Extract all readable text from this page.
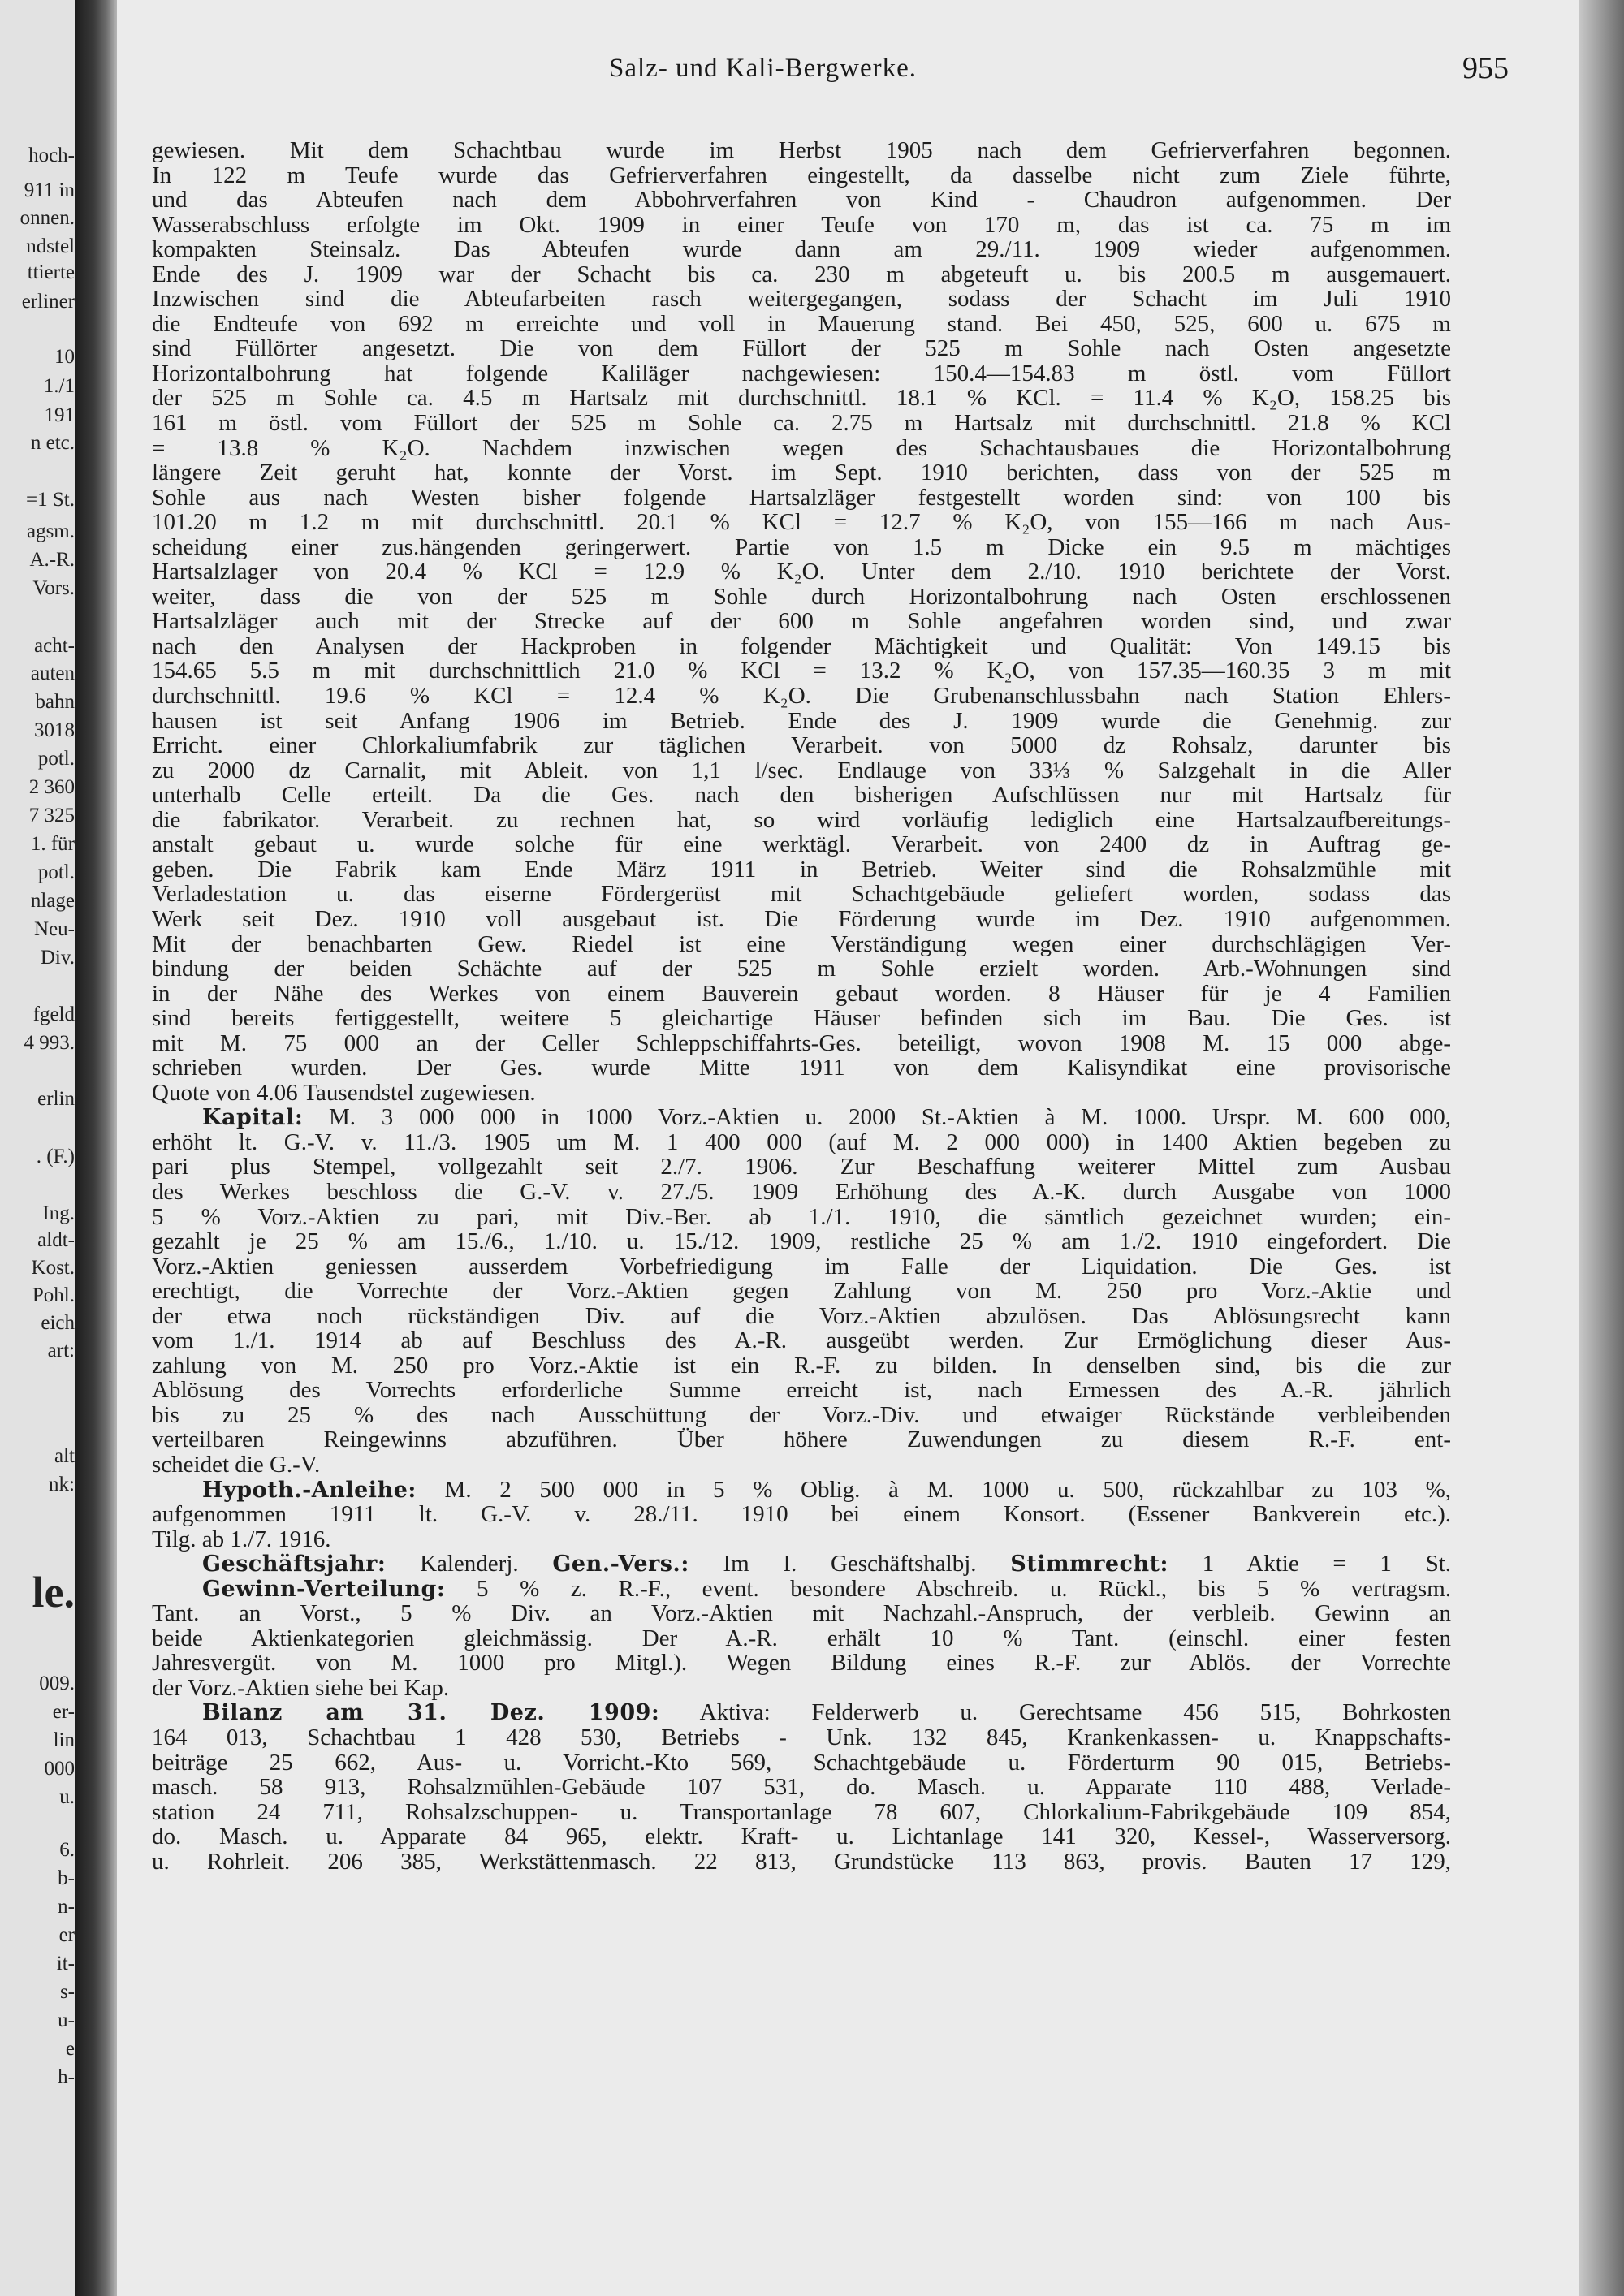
hoch-
911 in
onnen.
ndstel
ttierte
erliner
10
1./1
191
n etc.
=1 St.
agsm.
A.-R.
Vors.
acht-
auten
bahn
3018
potl.
2 360
7 325
1. für
potl.
nlage
Neu-
Div.
fgeld
4 993.
erlin
. (F.)
Ing.
aldt-
Kost.
Pohl.
eich
art:
alt
nk:
le.
009.
er-
lin
000
u.
6.
b-
n-
er
it-
s-
u-
e
h-
Salz- und Kali-Bergwerke.	955
gewiesen. Mit dem Schachtbau wurde im Herbst 1905 nach dem Gefrierverfahren begonnen.
In 122 m Teufe wurde das Gefrierverfahren eingestellt, da dasselbe nicht zum Ziele führte,
und das Abteufen nach dem Abbohrverfahren von Kind - Chaudron aufgenommen. Der
Wasserabschluss erfolgte im Okt. 1909 in einer Teufe von 170 m, das ist ca. 75 m im
kompakten Steinsalz. Das Abteufen wurde dann am 29./11. 1909 wieder aufgenommen.
Ende des J. 1909 war der Schacht bis ca. 230 m abgeteuft u. bis 200.5 m ausgemauert.
Inzwischen sind die Abteufarbeiten rasch weitergegangen, sodass der Schacht im Juli 1910
die Endteufe von 692 m erreichte und voll in Mauerung stand. Bei 450, 525, 600 u. 675 m
sind Füllörter angesetzt. Die von dem Füllort der 525 m Sohle nach Osten angesetzte
Horizontalbohrung hat folgende Kaliläger nachgewiesen: 150.4—154.83 m östl. vom Füllort
der 525 m Sohle ca. 4.5 m Hartsalz mit durchschnittl. 18.1 % KCl. = 11.4 % K₂O, 158.25 bis
161 m östl. vom Füllort der 525 m Sohle ca. 2.75 m Hartsalz mit durchschnittl. 21.8 % KCl
= 13.8 % K₂O. Nachdem inzwischen wegen des Schachtausbaues die Horizontalbohrung
längere Zeit geruht hat, konnte der Vorst. im Sept. 1910 berichten, dass von der 525 m
Sohle aus nach Westen bisher folgende Hartsalzläger festgestellt worden sind: von 100 bis
101.20 m 1.2 m mit durchschnittl. 20.1 % KCl = 12.7 % K₂O, von 155—166 m nach Aus-
scheidung einer zus.hängenden geringerwert. Partie von 1.5 m Dicke ein 9.5 m mächtiges
Hartsalzlager von 20.4 % KCl = 12.9 % K₂O. Unter dem 2./10. 1910 berichtete der Vorst.
weiter, dass die von der 525 m Sohle durch Horizontalbohrung nach Osten erschlossenen
Hartsalzläger auch mit der Strecke auf der 600 m Sohle angefahren worden sind, und zwar
nach den Analysen der Hackproben in folgender Mächtigkeit und Qualität: Von 149.15 bis
154.65 5.5 m mit durchschnittlich 21.0 % KCl = 13.2 % K₂O, von 157.35—160.35 3 m mit
durchschnittl. 19.6 % KCl = 12.4 % K₂O. Die Grubenanschlussbahn nach Station Ehlers-
hausen ist seit Anfang 1906 im Betrieb. Ende des J. 1909 wurde die Genehmig. zur
Erricht. einer Chlorkaliumfabrik zur täglichen Verarbeit. von 5000 dz Rohsalz, darunter bis
zu 2000 dz Carnalit, mit Ableit. von 1,1 l/sec. Endlauge von 33⅓ % Salzgehalt in die Aller
unterhalb Celle erteilt. Da die Ges. nach den bisherigen Aufschlüssen nur mit Hartsalz für
die fabrikator. Verarbeit. zu rechnen hat, so wird vorläufig lediglich eine Hartsalzaufbereitungs-
anstalt gebaut u. wurde solche für eine werktägl. Verarbeit. von 2400 dz in Auftrag ge-
geben. Die Fabrik kam Ende März 1911 in Betrieb. Weiter sind die Rohsalzmühle mit
Verladestation u. das eiserne Fördergerüst mit Schachtgebäude geliefert worden, sodass das
Werk seit Dez. 1910 voll ausgebaut ist. Die Förderung wurde im Dez. 1910 aufgenommen.
Mit der benachbarten Gew. Riedel ist eine Verständigung wegen einer durchschlägigen Ver-
bindung der beiden Schächte auf der 525 m Sohle erzielt worden. Arb.-Wohnungen sind
in der Nähe des Werkes von einem Bauverein gebaut worden. 8 Häuser für je 4 Familien
sind bereits fertiggestellt, weitere 5 gleichartige Häuser befinden sich im Bau. Die Ges. ist
mit M. 75 000 an der Celler Schleppschiffahrts-Ges. beteiligt, wovon 1908 M. 15 000 abge-
schrieben wurden. Der Ges. wurde Mitte 1911 von dem Kalisyndikat eine provisorische
Quote von 4.06 Tausendstel zugewiesen.
Kapital: M. 3 000 000 in 1000 Vorz.-Aktien u. 2000 St.-Aktien à M. 1000. Urspr. M. 600 000,
erhöht lt. G.-V. v. 11./3. 1905 um M. 1 400 000 (auf M. 2 000 000) in 1400 Aktien begeben zu
pari plus Stempel, vollgezahlt seit 2./7. 1906. Zur Beschaffung weiterer Mittel zum Ausbau
des Werkes beschloss die G.-V. v. 27./5. 1909 Erhöhung des A.-K. durch Ausgabe von 1000
5 % Vorz.-Aktien zu pari, mit Div.-Ber. ab 1./1. 1910, die sämtlich gezeichnet wurden; ein-
gezahlt je 25 % am 15./6., 1./10. u. 15./12. 1909, restliche 25 % am 1./2. 1910 eingefordert. Die
Vorz.-Aktien geniessen ausserdem Vorbefriedigung im Falle der Liquidation. Die Ges. ist
erechtigt, die Vorrechte der Vorz.-Aktien gegen Zahlung von M. 250 pro Vorz.-Aktie und
der etwa noch rückständigen Div. auf die Vorz.-Aktien abzulösen. Das Ablösungsrecht kann
vom 1./1. 1914 ab auf Beschluss des A.-R. ausgeübt werden. Zur Ermöglichung dieser Aus-
zahlung von M. 250 pro Vorz.-Aktie ist ein R.-F. zu bilden. In denselben sind, bis die zur
Ablösung des Vorrechts erforderliche Summe erreicht ist, nach Ermessen des A.-R. jährlich
bis zu 25 % des nach Ausschüttung der Vorz.-Div. und etwaiger Rückstände verbleibenden
verteilbaren Reingewinns abzuführen. Über höhere Zuwendungen zu diesem R.-F. ent-
scheidet die G.-V.
Hypoth.-Anleihe: M. 2 500 000 in 5 % Oblig. à M. 1000 u. 500, rückzahlbar zu 103 %,
aufgenommen 1911 lt. G.-V. v. 28./11. 1910 bei einem Konsort. (Essener Bankverein etc.).
Tilg. ab 1./7. 1916.
Geschäftsjahr: Kalenderj. Gen.-Vers.: Im I. Geschäftshalbj. Stimmrecht: 1 Aktie = 1 St.
Gewinn-Verteilung: 5 % z. R.-F., event. besondere Abschreib. u. Rückl., bis 5 % vertragsm.
Tant. an Vorst., 5 % Div. an Vorz.-Aktien mit Nachzahl.-Anspruch, der verbleib. Gewinn an
beide Aktienkategorien gleichmässig. Der A.-R. erhält 10 % Tant. (einschl. einer festen
Jahresvergüt. von M. 1000 pro Mitgl.). Wegen Bildung eines R.-F. zur Ablös. der Vorrechte
der Vorz.-Aktien siehe bei Kap.
Bilanz am 31. Dez. 1909: Aktiva: Felderwerb u. Gerechtsame 456 515, Bohrkosten
164 013, Schachtbau 1 428 530, Betriebs - Unk. 132 845, Krankenkassen- u. Knappschafts-
beiträge 25 662, Aus- u. Vorricht.-Kto 569, Schachtgebäude u. Förderturm 90 015, Betriebs-
masch. 58 913, Rohsalzmühlen-Gebäude 107 531, do. Masch. u. Apparate 110 488, Verlade-
station 24 711, Rohsalzschuppen- u. Transportanlage 78 607, Chlorkalium-Fabrikgebäude 109 854,
do. Masch. u. Apparate 84 965, elektr. Kraft- u. Lichtanlage 141 320, Kessel-, Wasserversorg.
u. Rohrleit. 206 385, Werkstättenmasch. 22 813, Grundstücke 113 863, provis. Bauten 17 129,
